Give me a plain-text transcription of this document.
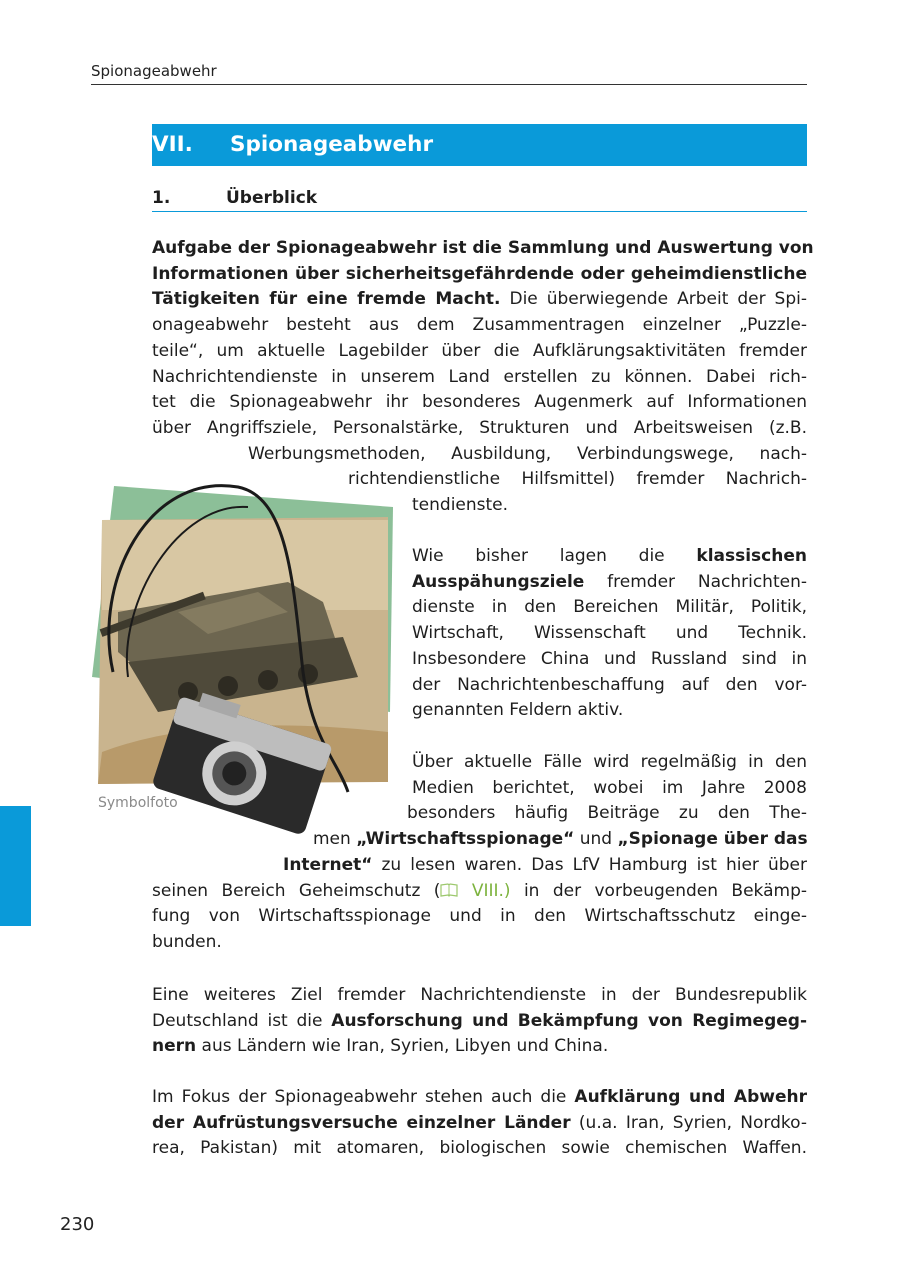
Spionageabwehr
VII. Spionageabwehr
1.	Überblick
Aufgabe der Spionageabwehr ist die Sammlung und Auswertung von
Informationen über sicherheitsgefährdende oder geheimdienstliche
Tätigkeiten für eine fremde Macht. Die überwiegende Arbeit der Spi-
onageabwehr besteht aus dem Zusammentragen einzelner „Puzzle-
teile“, um aktuelle Lagebilder über die Aufklärungsaktivitäten fremder
Nachrichtendienste in unserem Land erstellen zu können. Dabei rich-
tet die Spionageabwehr ihr besonderes Augenmerk auf Informationen
über Angriffsziele, Personalstärke, Strukturen und Arbeitsweisen (z.B.
Werbungsmethoden, Ausbildung, Verbindungswege, nach-
richtendienstliche Hilfsmittel) fremder Nachrich-
tendienste.
Symbolfoto
Wie bisher lagen die klassischen
Ausspähungsziele fremder Nachrichten-
dienste in den Bereichen Militär, Politik,
Wirtschaft, Wissenschaft und Technik.
Insbesondere China und Russland sind in
der Nachrichtenbeschaffung auf den vor-
genannten Feldern aktiv.
Über aktuelle Fälle wird regelmäßig in den
Medien berichtet, wobei im Jahre 2008
besonders häufig Beiträge zu den The-
men „Wirtschaftsspionage“ und „Spionage über das
Internet“ zu lesen waren. Das LfV Hamburg ist hier über
seinen Bereich Geheimschutz ( VIII.) in der vorbeugenden Bekämp-
fung von Wirtschaftsspionage und in den Wirtschaftsschutz einge-
bunden.
Eine weiteres Ziel fremder Nachrichtendienste in der Bundesrepublik
Deutschland ist die Ausforschung und Bekämpfung von Regimegeg-
nern aus Ländern wie Iran, Syrien, Libyen und China.
Im Fokus der Spionageabwehr stehen auch die Aufklärung und Abwehr
der Aufrüstungsversuche einzelner Länder (u.a. Iran, Syrien, Nordko-
rea, Pakistan) mit atomaren, biologischen sowie chemischen Waffen.
230
